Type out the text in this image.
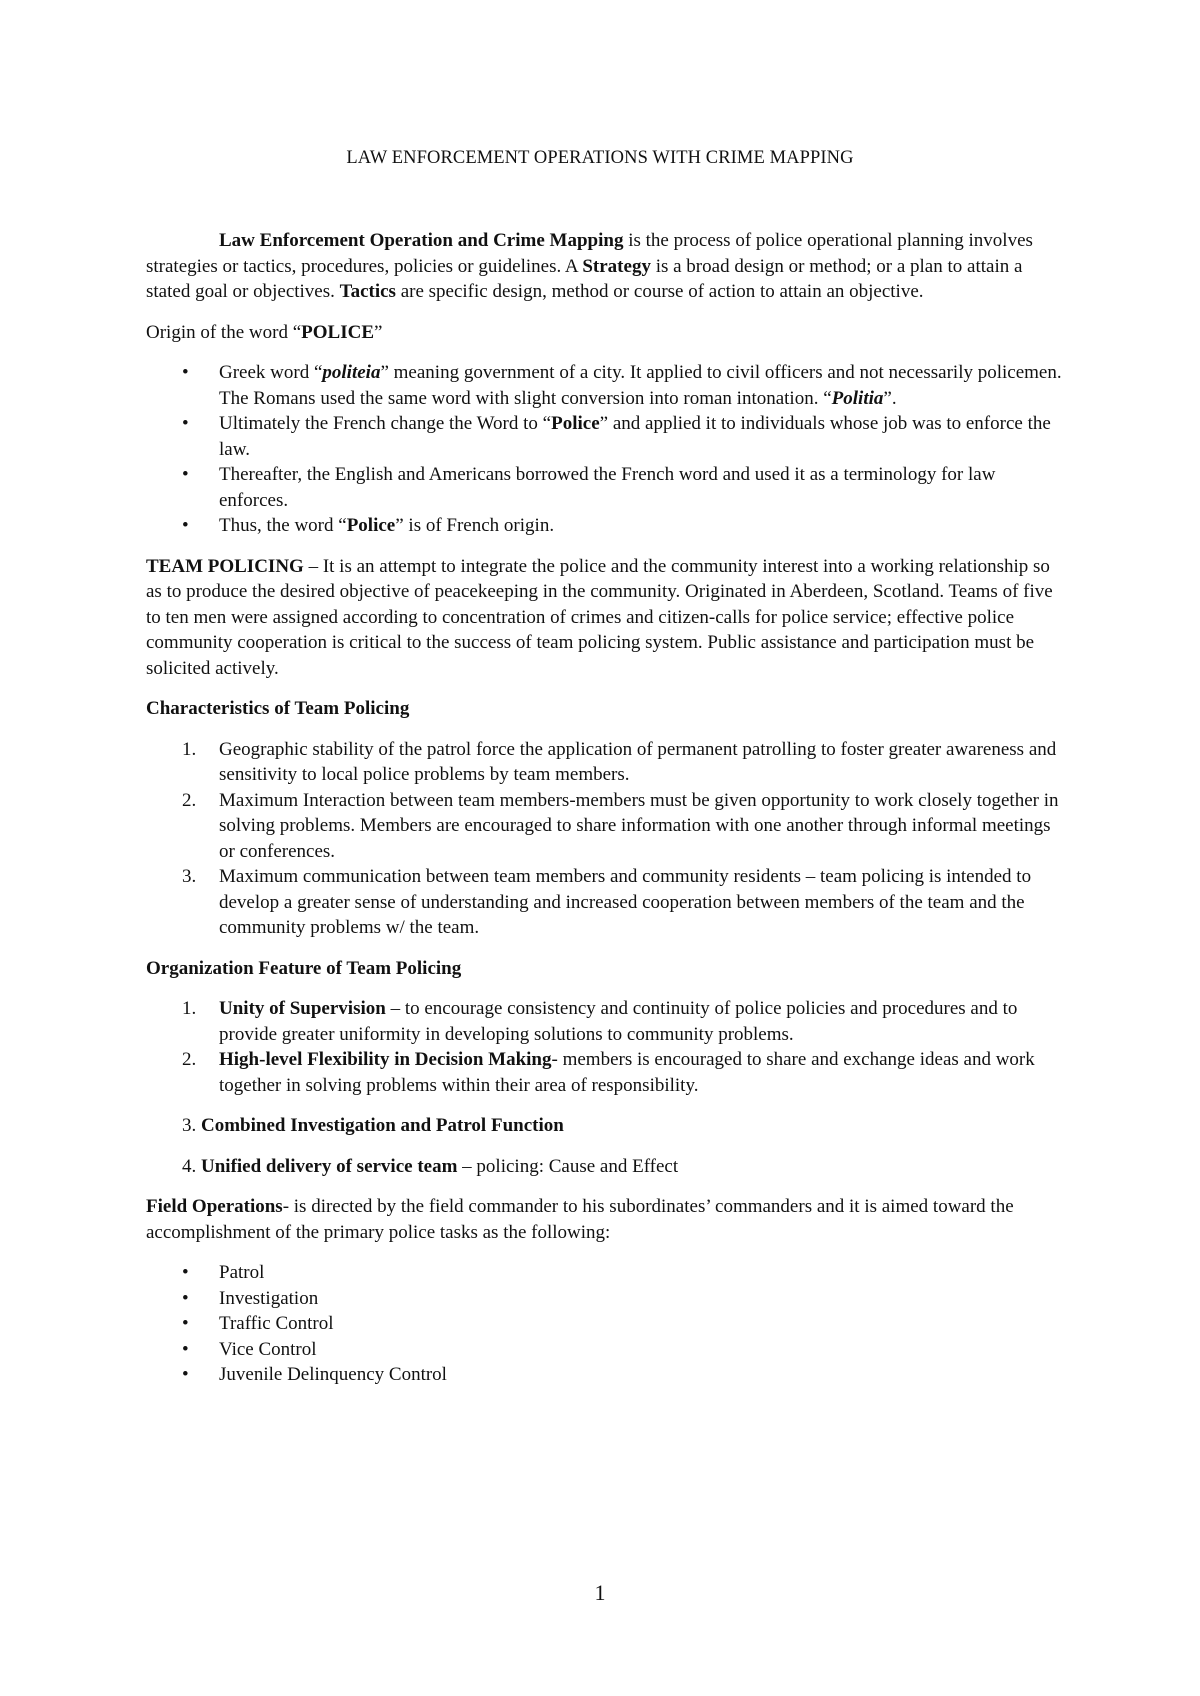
LAW ENFORCEMENT OPERATIONS WITH CRIME MAPPING

Law Enforcement Operation and Crime Mapping is the process of police operational planning involves strategies or tactics, procedures, policies or guidelines. A Strategy is a broad design or method; or a plan to attain a stated goal or objectives. Tactics are specific design, method or course of action to attain an objective.

Origin of the word “POLICE”

• Greek word “politeia” meaning government of a city. It applied to civil officers and not necessarily policemen. The Romans used the same word with slight conversion into roman intonation. “Politia”.
• Ultimately the French change the Word to “Police” and applied it to individuals whose job was to enforce the law.
• Thereafter, the English and Americans borrowed the French word and used it as a terminology for law enforces.
• Thus, the word “Police” is of French origin.

TEAM POLICING – It is an attempt to integrate the police and the community interest into a working relationship so as to produce the desired objective of peacekeeping in the community. Originated in Aberdeen, Scotland. Teams of five to ten men were assigned according to concentration of crimes and citizen-calls for police service; effective police community cooperation is critical to the success of team policing system. Public assistance and participation must be solicited actively.

Characteristics of Team Policing

1. Geographic stability of the patrol force the application of permanent patrolling to foster greater awareness and sensitivity to local police problems by team members.
2. Maximum Interaction between team members-members must be given opportunity to work closely together in solving problems. Members are encouraged to share information with one another through informal meetings or conferences.
3. Maximum communication between team members and community residents – team policing is intended to develop a greater sense of understanding and increased cooperation between members of the team and the community problems w/ the team.

Organization Feature of Team Policing

1. Unity of Supervision – to encourage consistency and continuity of police policies and procedures and to provide greater uniformity in developing solutions to community problems.
2. High-level Flexibility in Decision Making- members is encouraged to share and exchange ideas and work together in solving problems within their area of responsibility.

3. Combined Investigation and Patrol Function

4. Unified delivery of service team – policing: Cause and Effect

Field Operations- is directed by the field commander to his subordinates’ commanders and it is aimed toward the accomplishment of the primary police tasks as the following:

• Patrol
• Investigation
• Traffic Control
• Vice Control
• Juvenile Delinquency Control
1
